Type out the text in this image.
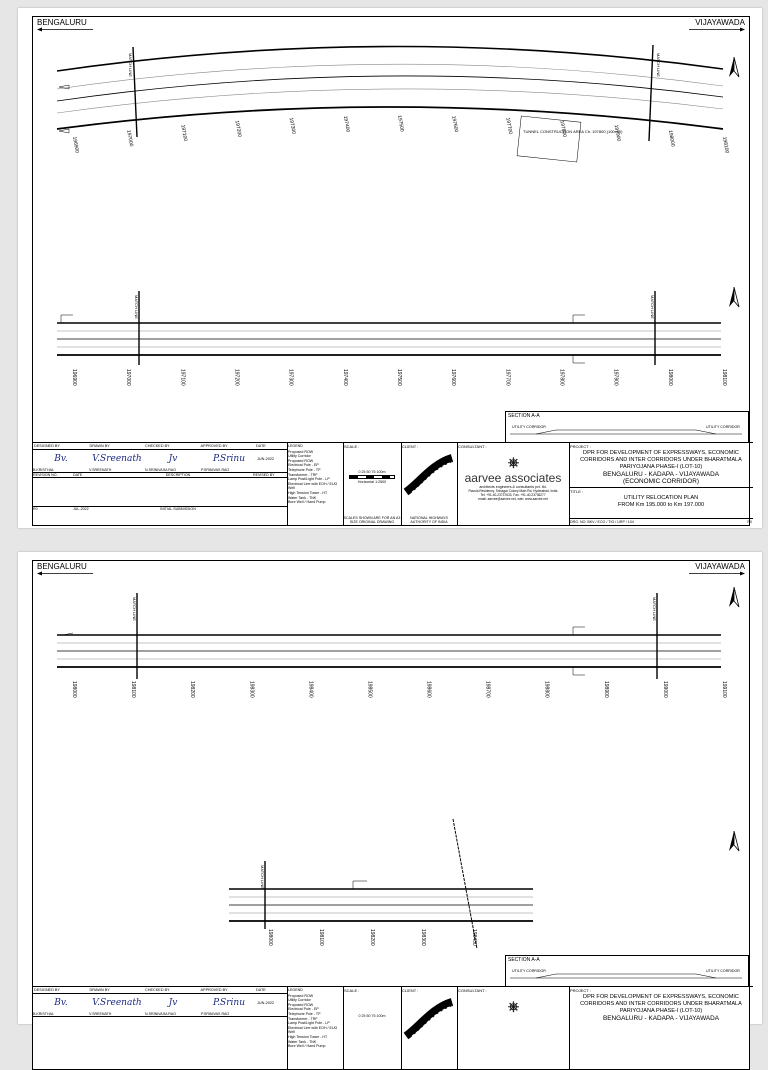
BENGALURU	VIJAYAWADA
MATCH LINE	MATCH LINE
TUNNEL CONSTRUCTION AREA Ch. 197800 (100x60)
196900	197000	197100	197200	197300	197400	197500	197600	197700	197800	197900	198000	198100
MATCH LINE	MATCH LINE
196900	197000	197100	197200	197300	197400	197500	197600	197700	197800	197900	198000	198100
SECTION A-A
UTILITY CORRIDOR	UTILITY CORRIDOR
DESIGNED BY	DRAWN BY	CHECKED BY	APPROVED BY	DATE
Bv.	V.Sreenath	Jv	P.Srinu	JUN-2022
B.KRISTHAL	V.SREENATH	N.SRINIVASA RAO	P.SRINIVAS RAO
REVISION NO.	DATE	DESCRIPTION	REVISED BY
R0	JUL-2022	INITIAL SUBMISSION
LEGEND
Proposed ROW
Utility Corridor
Proposed ROW
Electrical Pole - EP
Telephone Pole - TP
Transformer - TRF
Lamp Post/Light Pole - LP
Electrical Line with EOH / EUG
Well
High Tension Tower - HT
Water Tank - TNK
Bore Well / Hand Pump
SCALE :
0 25 50 75 100m
Horizontal 1:2500
SCALES SHOWN ARE FOR AN A3 SIZE ORIGINAL DRAWING
CLIENT :
NATIONAL HIGHWAYS AUTHORITY OF INDIA
CONSULTANT :
⎈
aarvee associates
architects engineers & consultants pvt. ltd.
Ravula Residency, Srinagar Colony Main Rd, Hyderabad, India
Tel: +91-40-23737633, Fax: +91-40-23736277
email: aarvee@aarvee.net, web: www.aarvee.net
PROJECT :
DPR FOR DEVELOPMENT OF EXPRESSWAYS, ECONOMIC
CORRIDORS AND INTER CORRIDORS UNDER BHARATMALA
PARIYOJANA PHASE-I (LOT-10)
BENGALURU - KADAPA - VIJAYAWADA
(ECONOMIC CORRIDOR)
TITLE :
UTILITY RELOCATION PLAN
FROM Km 195.000 to Km 197.000
DRG. NO. BKV / ECO / TIG / URP / 104	R0
BENGALURU	VIJAYAWADA
MATCH LINE	MATCH LINE
198000	198100	198200	198300	198400	198500	198600	198700	198800	198900	199000	199100
MATCH LINE
198000	198100	198200	198300	198400
SECTION A-A
UTILITY CORRIDOR	UTILITY CORRIDOR
DESIGNED BY	DRAWN BY	CHECKED BY	APPROVED BY	DATE
Bv.	V.Sreenath	Jv	P.Srinu	JUN-2022
B.KRISTHAL	V.SREENATH	N.SRINIVASA RAO	P.SRINIVAS RAO
LEGEND
Proposed ROW
Utility Corridor
Proposed ROW
Electrical Pole - EP
Telephone Pole - TP
Transformer - TRF
Lamp Post/Light Pole - LP
Electrical Line with EOH / EUG
Well
High Tension Tower - HT
Water Tank - TNK
Bore Well / Hand Pump
SCALE :
0 25 50 75 100m
CLIENT :	CONSULTANT :
⎈
PROJECT :
DPR FOR DEVELOPMENT OF EXPRESSWAYS, ECONOMIC
CORRIDORS AND INTER CORRIDORS UNDER BHARATMALA
PARIYOJANA PHASE-I (LOT-10)
BENGALURU - KADAPA - VIJAYAWADA
